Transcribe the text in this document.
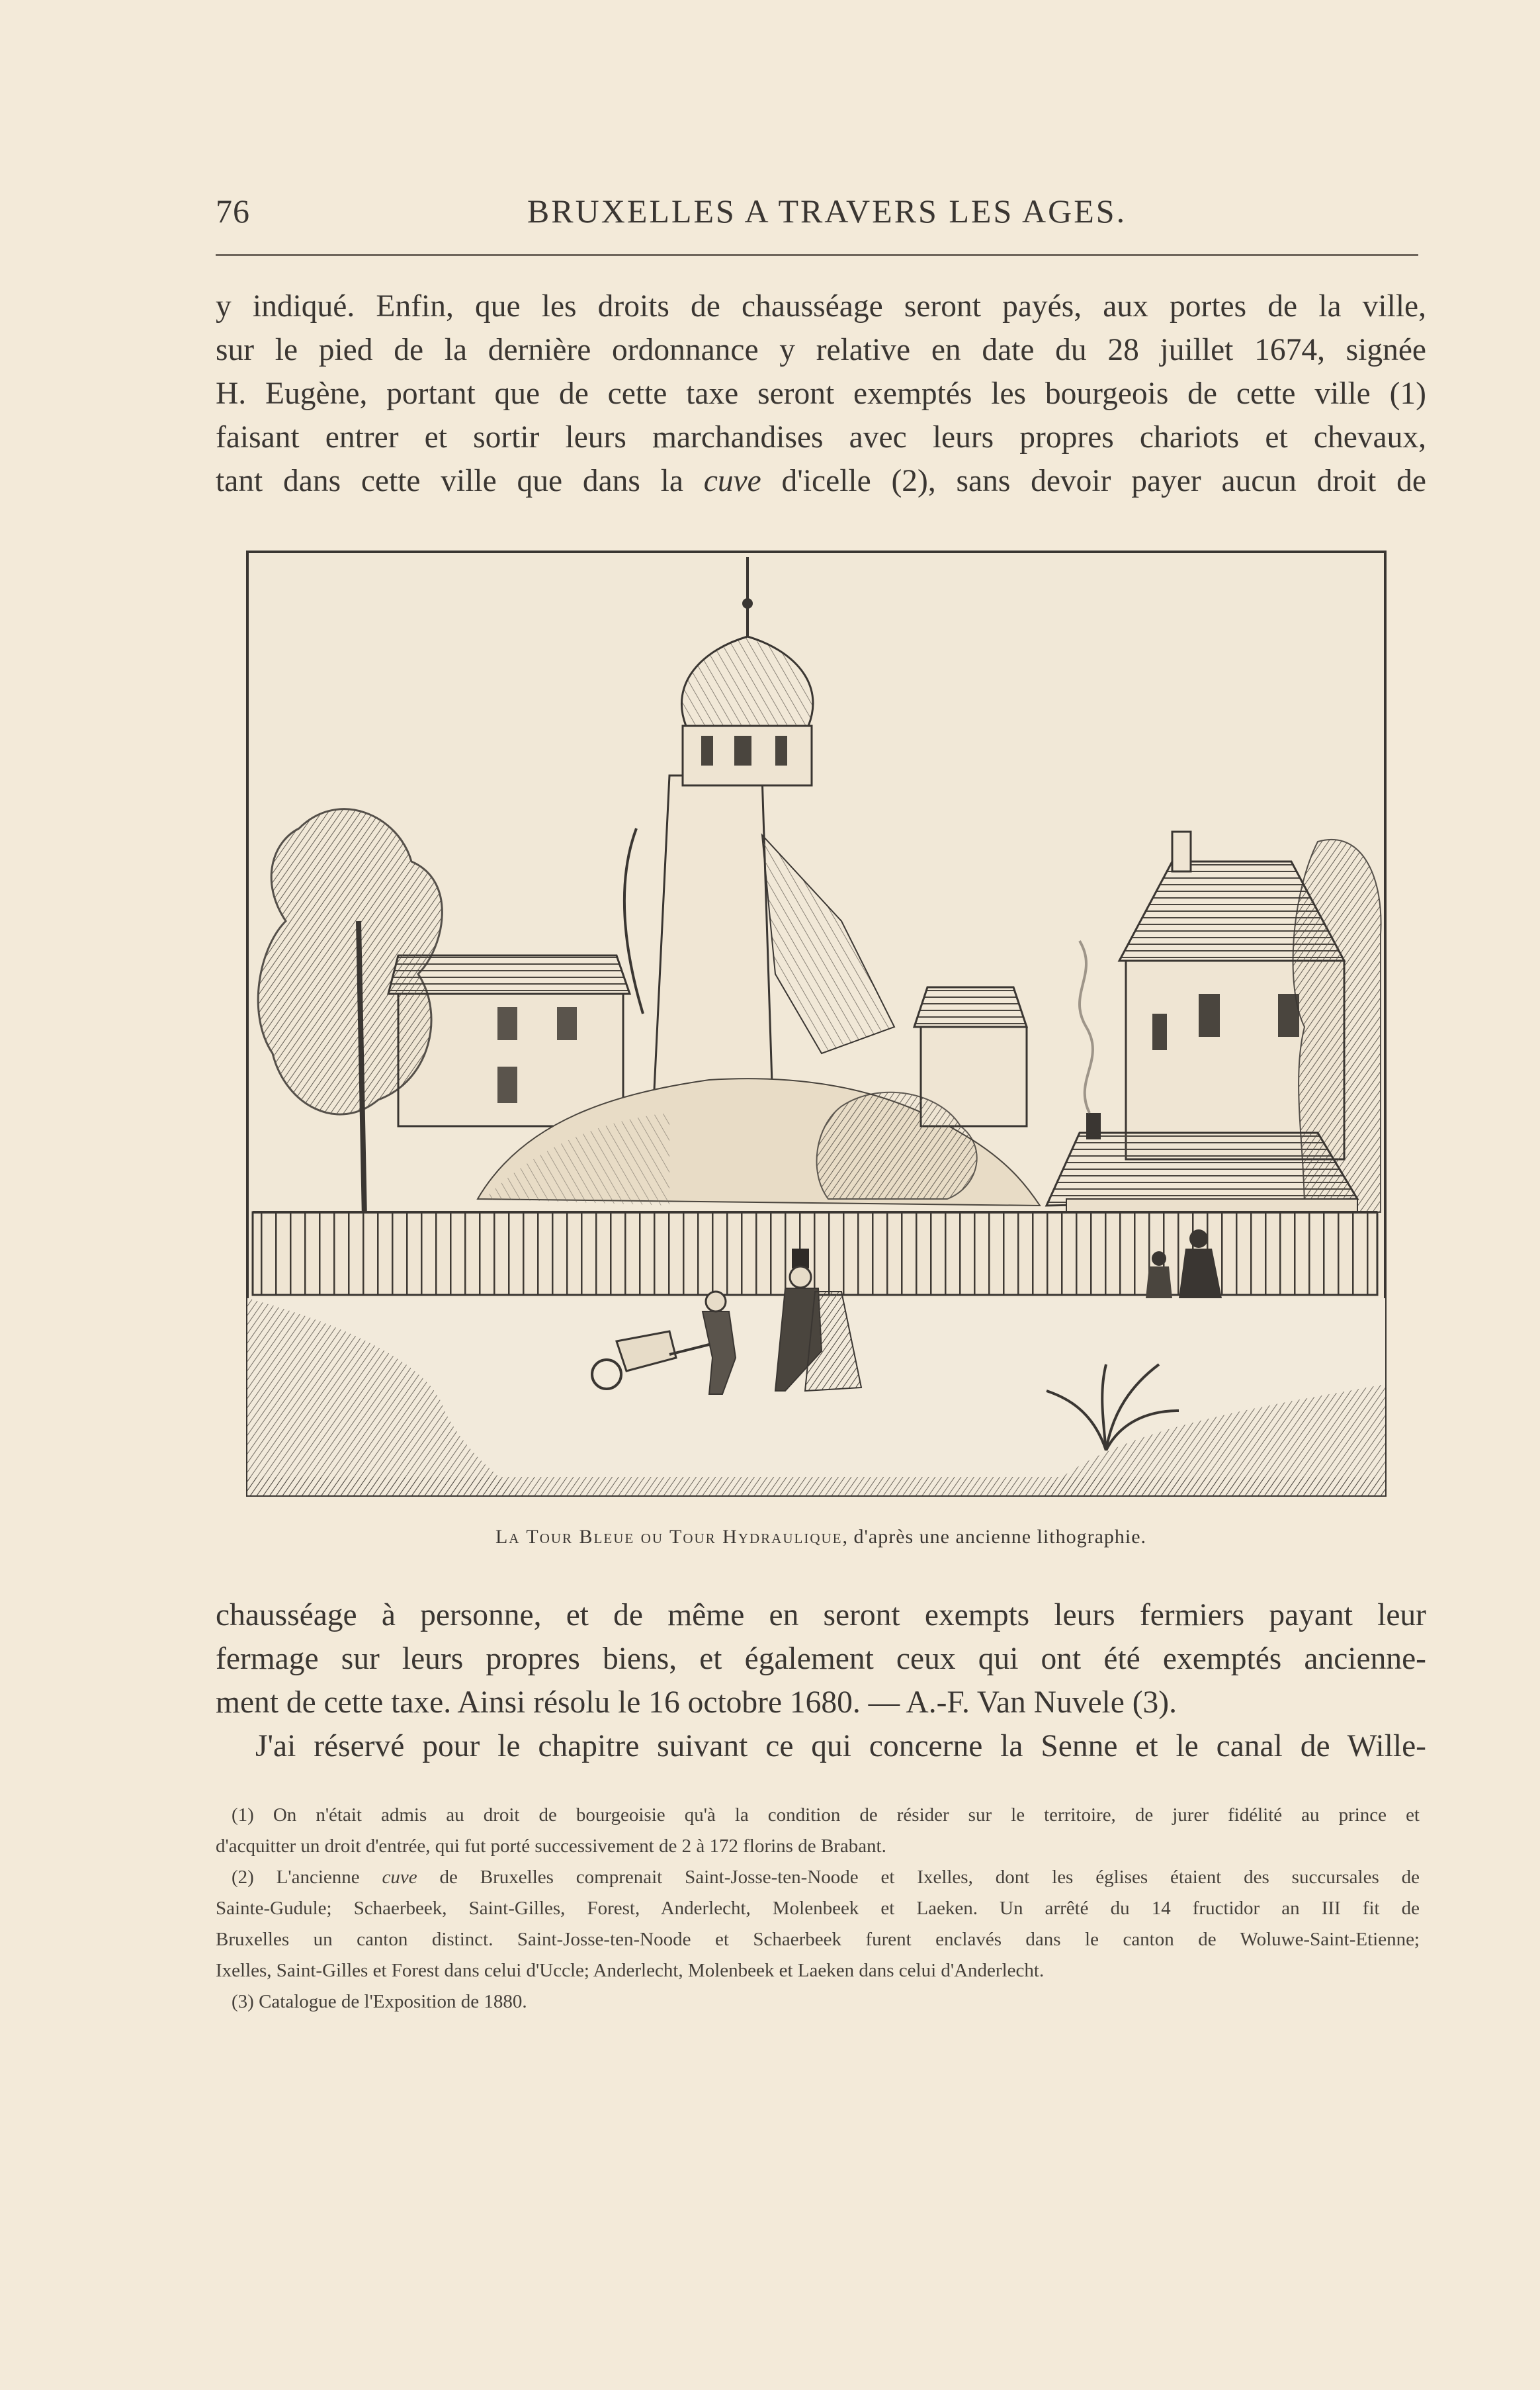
76	BRUXELLES A TRAVERS LES AGES.
y indiqué. Enfin, que les droits de chausséage seront payés, aux portes de la ville,
sur le pied de la dernière ordonnance y relative en date du 28 juillet 1674, signée
H. Eugène, portant que de cette taxe seront exemptés les bourgeois de cette ville (1)
faisant entrer et sortir leurs marchandises avec leurs propres chariots et chevaux,
tant dans cette ville que dans la cuve d'icelle (2), sans devoir payer aucun droit de
La Tour Bleue ou Tour Hydraulique, d'après une ancienne lithographie.
chausséage à personne, et de même en seront exempts leurs fermiers payant leur
fermage sur leurs propres biens, et également ceux qui ont été exemptés ancienne-
ment de cette taxe. Ainsi résolu le 16 octobre 1680. — A.-F. Van Nuvele (3).
J'ai réservé pour le chapitre suivant ce qui concerne la Senne et le canal de Wille-
(1) On n'était admis au droit de bourgeoisie qu'à la condition de résider sur le territoire, de jurer fidélité au prince et
d'acquitter un droit d'entrée, qui fut porté successivement de 2 à 172 florins de Brabant.
(2) L'ancienne cuve de Bruxelles comprenait Saint-Josse-ten-Noode et Ixelles, dont les églises étaient des succursales de
Sainte-Gudule; Schaerbeek, Saint-Gilles, Forest, Anderlecht, Molenbeek et Laeken. Un arrêté du 14 fructidor an III fit de
Bruxelles un canton distinct. Saint-Josse-ten-Noode et Schaerbeek furent enclavés dans le canton de Woluwe-Saint-Etienne;
Ixelles, Saint-Gilles et Forest dans celui d'Uccle; Anderlecht, Molenbeek et Laeken dans celui d'Anderlecht.
(3) Catalogue de l'Exposition de 1880.
